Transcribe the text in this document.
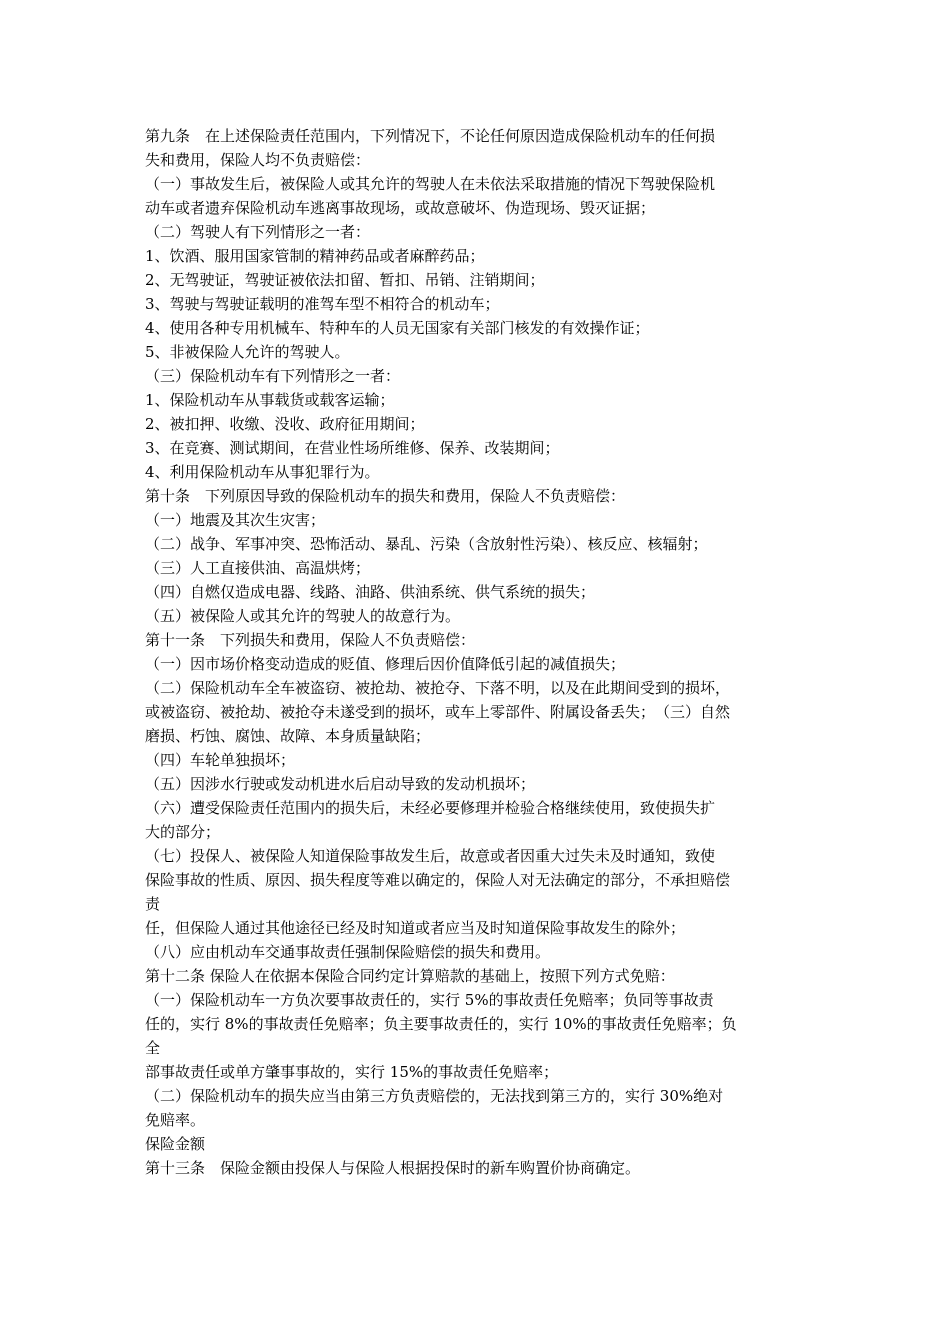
第九条　在上述保险责任范围内，下列情况下，不论任何原因造成保险机动车的任何损
失和费用，保险人均不负责赔偿：
（一）事故发生后，被保险人或其允许的驾驶人在未依法采取措施的情况下驾驶保险机
动车或者遗弃保险机动车逃离事故现场，或故意破坏、伪造现场、毁灭证据；
（二）驾驶人有下列情形之一者：
1、饮酒、服用国家管制的精神药品或者麻醉药品；
2、无驾驶证，驾驶证被依法扣留、暂扣、吊销、注销期间；
3、驾驶与驾驶证载明的准驾车型不相符合的机动车；
4、使用各种专用机械车、特种车的人员无国家有关部门核发的有效操作证；
5、非被保险人允许的驾驶人。
（三）保险机动车有下列情形之一者：
1、保险机动车从事载货或载客运输；
2、被扣押、收缴、没收、政府征用期间；
3、在竞赛、测试期间，在营业性场所维修、保养、改装期间；
4、利用保险机动车从事犯罪行为。
第十条　下列原因导致的保险机动车的损失和费用，保险人不负责赔偿：
（一）地震及其次生灾害；
（二）战争、军事冲突、恐怖活动、暴乱、污染（含放射性污染）、核反应、核辐射；
（三）人工直接供油、高温烘烤；
（四）自燃仅造成电器、线路、油路、供油系统、供气系统的损失；
（五）被保险人或其允许的驾驶人的故意行为。
第十一条　下列损失和费用，保险人不负责赔偿：
（一）因市场价格变动造成的贬值、修理后因价值降低引起的减值损失；
（二）保险机动车全车被盗窃、被抢劫、被抢夺、下落不明，以及在此期间受到的损坏，
或被盗窃、被抢劫、被抢夺未遂受到的损坏，或车上零部件、附属设备丢失；　（三）自然
磨损、朽蚀、腐蚀、故障、本身质量缺陷；
（四）车轮单独损坏；
（五）因涉水行驶或发动机进水后启动导致的发动机损坏；
（六）遭受保险责任范围内的损失后，未经必要修理并检验合格继续使用，致使损失扩
大的部分；
（七）投保人、被保险人知道保险事故发生后，故意或者因重大过失未及时通知，致使
保险事故的性质、原因、损失程度等难以确定的，保险人对无法确定的部分，不承担赔偿
责
任，但保险人通过其他途径已经及时知道或者应当及时知道保险事故发生的除外；
（八）应由机动车交通事故责任强制保险赔偿的损失和费用。
第十二条 保险人在依据本保险合同约定计算赔款的基础上，按照下列方式免赔：
（一）保险机动车一方负次要事故责任的，实行 5%的事故责任免赔率；负同等事故责
任的，实行 8%的事故责任免赔率；负主要事故责任的，实行 10%的事故责任免赔率；负
全
部事故责任或单方肇事事故的，实行 15%的事故责任免赔率；
（二）保险机动车的损失应当由第三方负责赔偿的，无法找到第三方的，实行 30%绝对
免赔率。
保险金额
第十三条　保险金额由投保人与保险人根据投保时的新车购置价协商确定。
